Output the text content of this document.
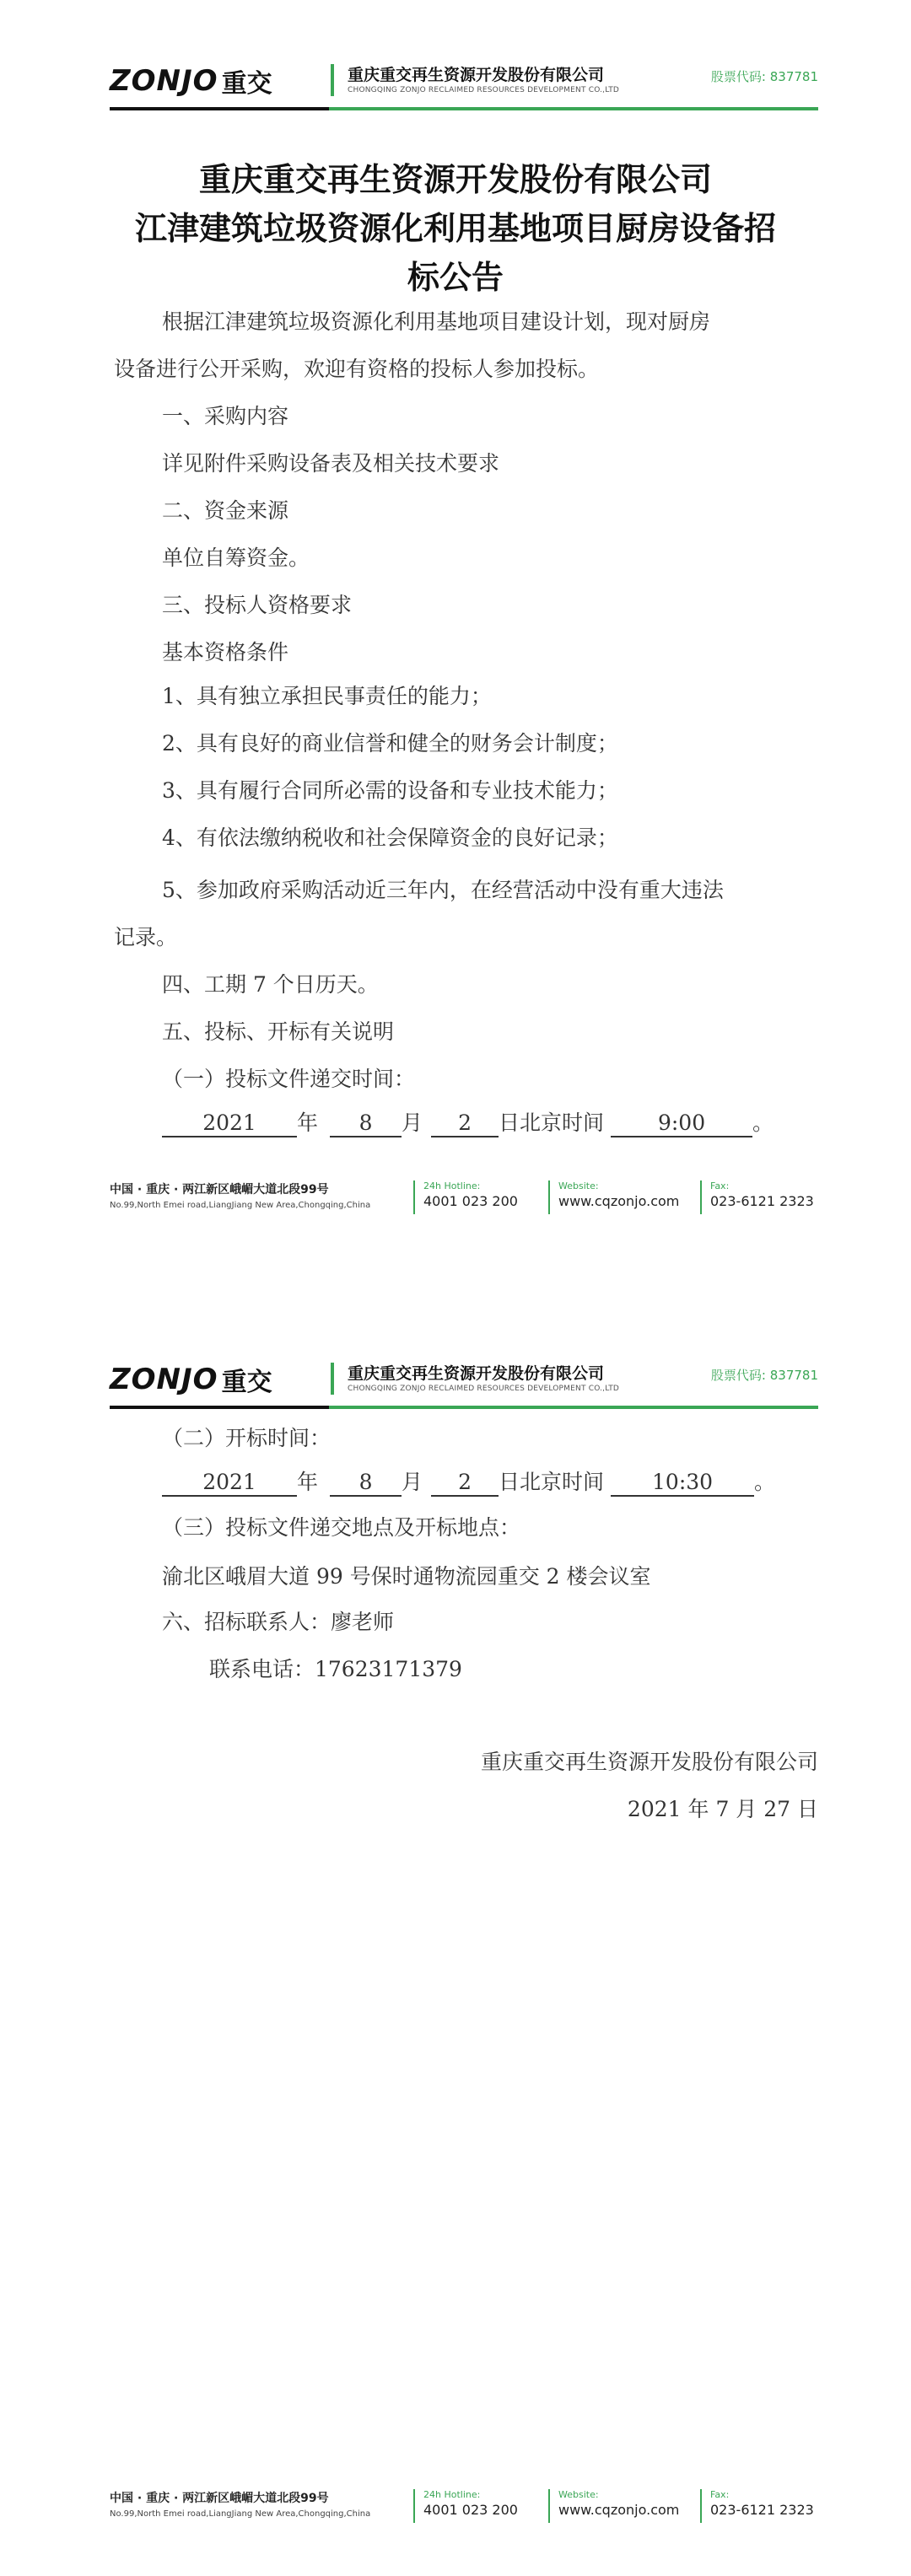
ZONJO 重交	重庆重交再生资源开发股份有限公司
CHONGQING ZONJO RECLAIMED RESOURCES DEVELOPMENT CO.,LTD
股票代码: 837781
重庆重交再生资源开发股份有限公司
江津建筑垃圾资源化利用基地项目厨房设备招
标公告
根据江津建筑垃圾资源化利用基地项目建设计划，现对厨房
设备进行公开采购，欢迎有资格的投标人参加投标。
一、采购内容
详见附件采购设备表及相关技术要求
二、资金来源
单位自筹资金。
三、投标人资格要求
基本资格条件
1、具有独立承担民事责任的能力；
2、具有良好的商业信誉和健全的财务会计制度；
3、具有履行合同所必需的设备和专业技术能力；
4、有依法缴纳税收和社会保障资金的良好记录；
5、参加政府采购活动近三年内，在经营活动中没有重大违法
记录。
四、工期 7 个日历天。
五、投标、开标有关说明
（一）投标文件递交时间：
2021 年 8 月 2 日北京时间	9:00 。
中国 · 重庆 · 两江新区峨嵋大道北段99号
No.99,North Emei road,LiangJiang New Area,Chongqing,China
24h Hotline:
4001 023 200
Website:
www.cqzonjo.com
Fax:
023-6121 2323
ZONJO 重交	重庆重交再生资源开发股份有限公司
CHONGQING ZONJO RECLAIMED RESOURCES DEVELOPMENT CO.,LTD
股票代码: 837781
（二）开标时间：
2021 年 8 月 2 日北京时间 10:30 。
（三）投标文件递交地点及开标地点：
渝北区峨眉大道 99 号保时通物流园重交 2 楼会议室
六、招标联系人：廖老师
联系电话：17623171379
重庆重交再生资源开发股份有限公司
2021 年 7 月 27 日
中国 · 重庆 · 两江新区峨嵋大道北段99号
No.99,North Emei road,LiangJiang New Area,Chongqing,China
24h Hotline:
4001 023 200
Website:
www.cqzonjo.com
Fax:
023-6121 2323
